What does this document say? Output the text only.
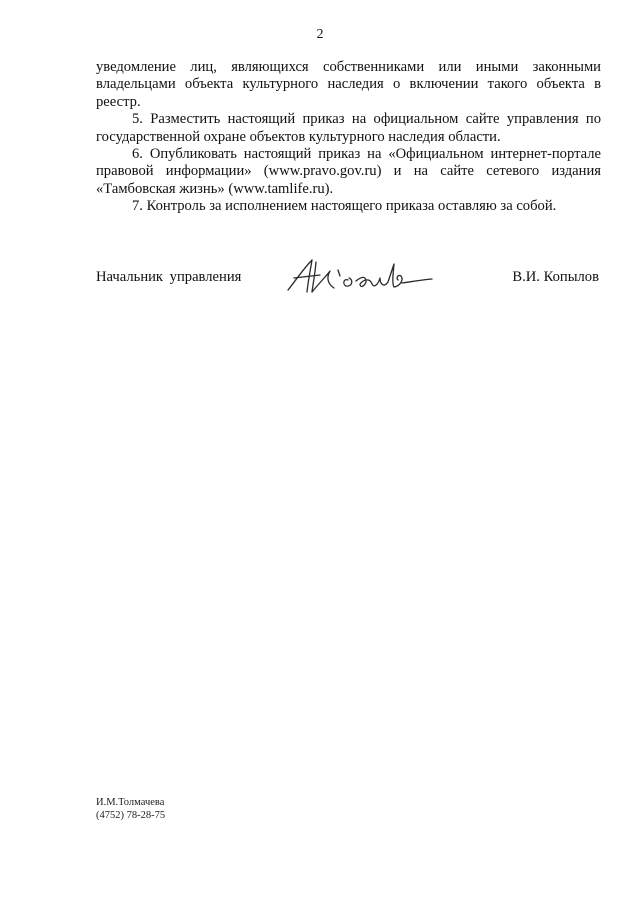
2

уведомление лиц, являющихся собственниками или иными законными владельцами объекта культурного наследия о включении такого объекта в реестр.

5. Разместить настоящий приказ на официальном сайте управления по государственной охране объектов культурного наследия области.

6. Опубликовать настоящий приказ на «Официальном интернет-портале правовой информации» (www.pravo.gov.ru) и на сайте сетевого издания «Тамбовская жизнь» (www.tamlife.ru).

7. Контроль за исполнением настоящего приказа оставляю за собой.

Начальник управления	В.И. Копылов
И.М.Толмачева
(4752) 78-28-75
